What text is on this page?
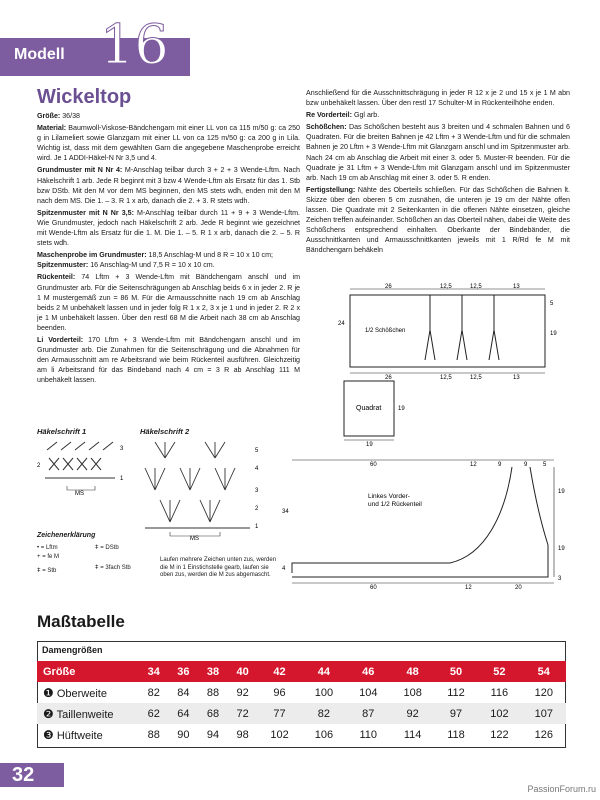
Modell 16
Wickeltop

Größe: 36/38

Material: Baumwoll-Viskose-Bändchengarn mit einer LL von ca 115 m/50 g: ca 250 g in Lilameliert sowie Glanzgarn mit einer LL von ca 125 m/50 g: ca 200 g in Lila. Wichtig ist, dass mit dem gewählten Garn die angegebene Maschenprobe erreicht wird. Je 1 ADDI-Häkel-N Nr 3,5 und 4.

Grundmuster mit N Nr 4: M-Anschlag teilbar durch 3 + 2 + 3 Wende-Lftm. Nach Häkelschrift 1 arb. Jede R beginnt mit 3 bzw 4 Wende-Lftm als Ersatz für das 1. Stb bzw DStb. Mit den M vor dem MS beginnen, den MS stets wdh, enden mit den M nach dem MS. Die 1. – 3. R 1 x arb, danach die 2. + 3. R stets wdh.

Spitzenmuster mit N Nr 3,5: M-Anschlag teilbar durch 11 + 9 + 3 Wende-Lftm. Wie Grundmuster, jedoch nach Häkelschrift 2 arb. Jede R beginnt wie gezeichnet mit Wende-Lftm als Ersatz für die 1. M. Die 1. – 5. R 1 x arb, danach die 2. – 5. R stets wdh.

Maschenprobe im Grundmuster: 18,5 Anschlag-M und 8 R = 10 x 10 cm;

Spitzenmuster: 16 Anschlag-M und 7,5 R = 10 x 10 cm.

Rückenteil: 74 Lftm + 3 Wende-Lftm mit Bändchengarn anschl und im Grundmuster arb. Für die Seitenschrägungen ab Anschlag beids 6 x in jeder 2. R je 1 M mustergemäß zun = 86 M. Für die Armausschnitte nach 19 cm ab Anschlag beids 2 M unbehäkelt lassen und in jeder folg R 1 x 2, 3 x je 1 und in jeder 2. R 2 x je 1 M unbehäkelt lassen. Über den restl 68 M die Arbeit nach 38 cm ab Anschlag beenden.

Li Vorderteil: 170 Lftm + 3 Wende-Lftm mit Bändchengarn anschl und im Grundmuster arb. Die Zunahmen für die Seitenschrägung und die Abnahmen für den Armausschnitt am re Arbeitsrand wie beim Rückenteil ausführen. Gleichzeitig am li Arbeitsrand für das Bindeband nach 4 cm = 3 R ab Anschlag 111 M unbehäkelt lassen.

Anschließend für die Ausschnittschrägung in jeder R 12 x je 2 und 15 x je 1 M abn bzw unbehäkelt lassen. Über den restl 17 Schulter-M in Rückenteilhöhe enden.

Re Vorderteil: Ggl arb.

Schößchen: Das Schößchen besteht aus 3 breiten und 4 schmalen Bahnen und 6 Quadraten. Für die breiten Bahnen je 42 Lftm + 3 Wende-Lftm und für die schmalen Bahnen je 20 Lftm + 3 Wende-Lftm mit Glanzgarn anschl und im Spitzenmuster arb. Nach 24 cm ab Anschlag die Arbeit mit einer 3. oder 5. Muster-R beenden. Für die Quadrate je 31 Lftm + 3 Wende-Lftm mit Glanzgarn anschl und im Spitzenmuster arb. Nach 19 cm ab Anschlag mit einer 3. oder 5. R enden.

Fertigstellung: Nähte des Oberteils schließen. Für das Schößchen die Bahnen lt. Skizze über den oberen 5 cm zusnähen, die unteren je 19 cm der Nähte offen lassen. Die Quadrate mit 2 Seitenkanten in die offenen Nähte einsetzen, gleiche Zeichen treffen aufeinander. Schößchen an das Oberteil nähen, dabei die Weite des Schößchens entsprechend einhalten. Oberkante der Bindebänder, die Ausschnittkanten und Armausschnittkanten jeweils mit 1 R/Rd fe M mit Bändchengarn behäkeln

26	12,5	12,5	13
24
5
19
1/2 Schößchen
26	12,5	12,5	13
Quadrat	19
19
60	12	9	9	5
19
19
34
4
60	12	20
3
Linkes Vorder-
und 1/2 Rückenteil
Häkelschrift 1	Häkelschrift 2
3
2
1
MS
5
4
3
2
1
MS
Zeichenerklärung
• = Lftm
+ = fe M
ǂ = Stb
ǂ = DStb
ǂ = 3fach Stb
Laufen mehrere Zeichen unten zus, werden die M in 1 Einstichstelle gearb, laufen sie oben zus, werden die M zus abgemascht.
Maßtabelle
Damengrößen
Größe	34	36	38	40	42	44	46	48	50	52	54
❶ Oberweite	82	84	88	92	96	100	104	108	112	116	120
❷ Taillenweite	62	64	68	72	77	82	87	92	97	102	107
❸ Hüftweite	88	90	94	98	102	106	110	114	118	122	126
32
PassionForum.ru
